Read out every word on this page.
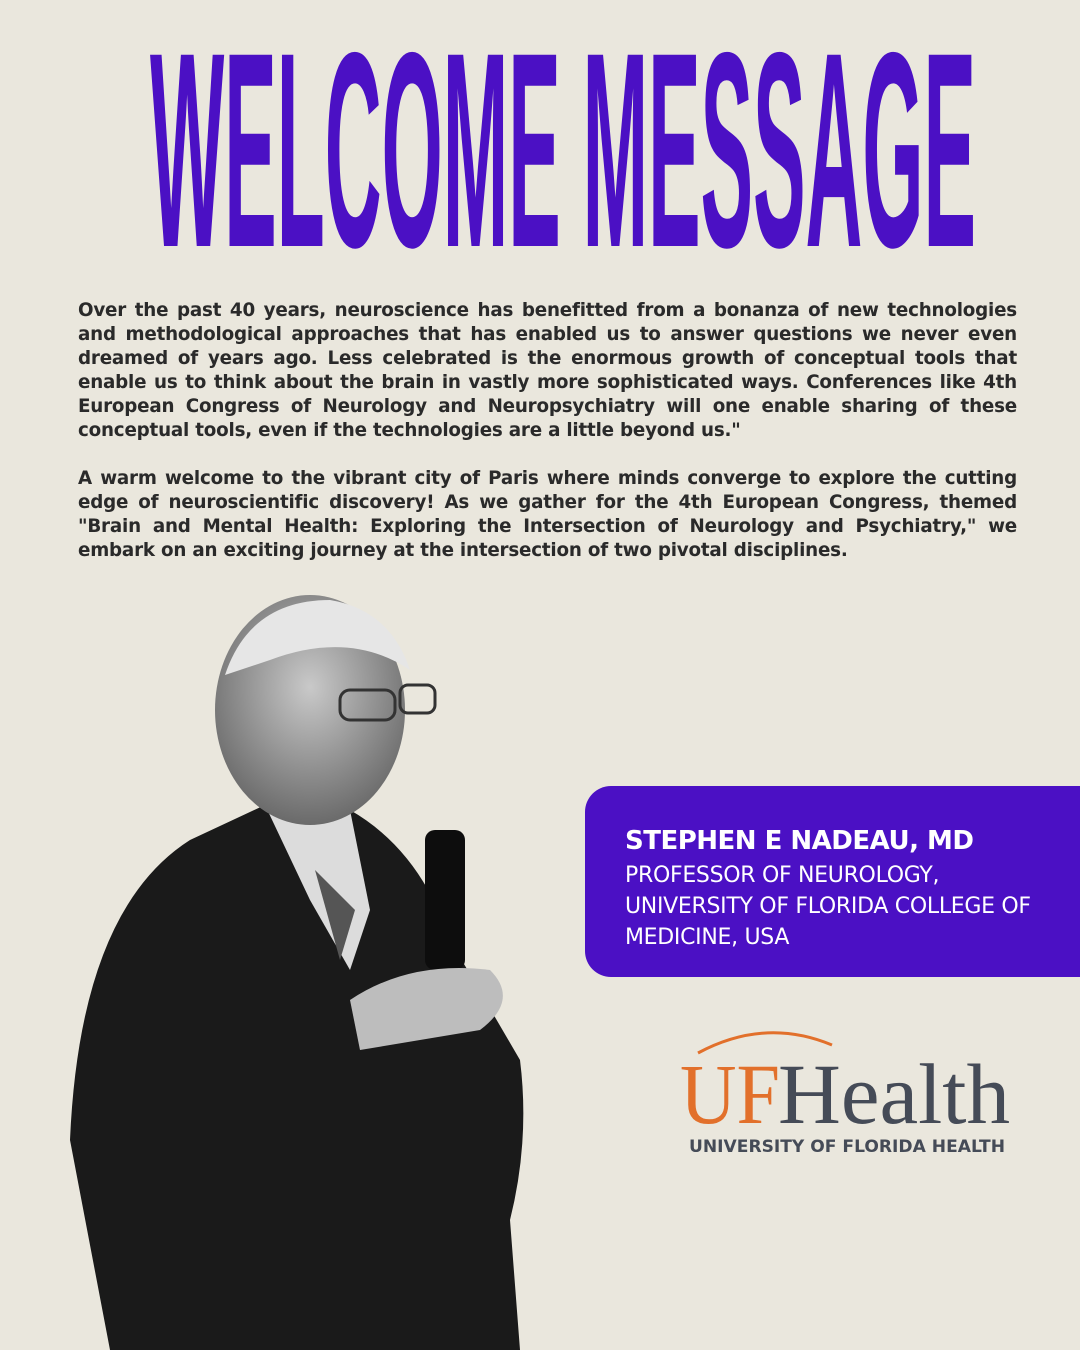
WELCOME MESSAGE
Over the past 40 years, neuroscience has benefitted from a bonanza of new technologies and methodological approaches that has enabled us to answer questions we never even dreamed of years ago. Less celebrated is the enormous growth of conceptual tools that enable us to think about the brain in vastly more sophisticated ways. Conferences like 4th European Congress of Neurology and Neuropsychiatry will one enable sharing of these conceptual tools, even if the technologies are a little beyond us."
A warm welcome to the vibrant city of Paris where minds converge to explore the cutting edge of neuroscientific discovery! As we gather for the 4th European Congress, themed "Brain and Mental Health: Exploring the Intersection of Neurology and Psychiatry," we embark on an exciting journey at the intersection of two pivotal disciplines.
STEPHEN E NADEAU, MD
PROFESSOR OF NEUROLOGY, UNIVERSITY OF FLORIDA COLLEGE OF MEDICINE, USA
UF
Health
UNIVERSITY OF FLORIDA HEALTH
